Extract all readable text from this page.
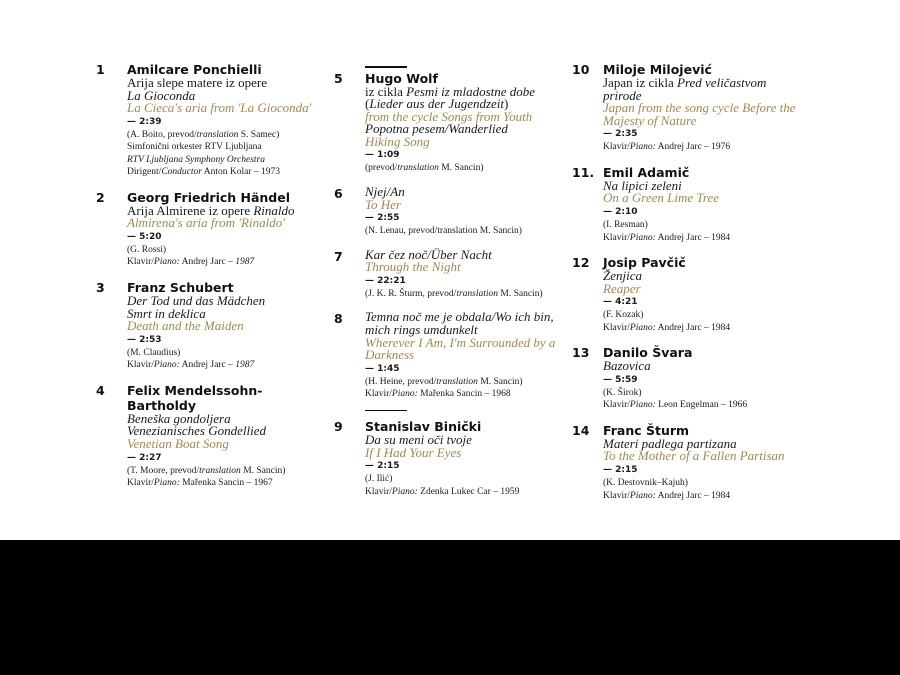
1 Amilcare Ponchielli
Arija slepe matere iz opere
La Gioconda
La Cieca's aria from 'La Gioconda'
— 2:39
(A. Boito, prevod/translation S. Samec)
Simfonični orkester RTV Ljubljana
RTV Ljubljana Symphony Orchestra
Dirigent/Conductor Anton Kolar – 1973
2 Georg Friedrich Händel
Arija Almirene iz opere Rinaldo
Almirena's aria from 'Rinaldo'
— 5:20
(G. Rossi)
Klavir/Piano: Andrej Jarc – 1987
3 Franz Schubert
Der Tod und das Mädchen
Smrt in deklica
Death and the Maiden
— 2:53
(M. Claudius)
Klavir/Piano: Andrej Jarc – 1987
4 Felix Mendelssohn-Bartholdy
Beneška gondoljera
Venezianisches Gondellied
Venetian Boat Song
— 2:27
(T. Moore, prevod/translation M. Sancin)
Klavir/Piano: Mařenka Sancin – 1967
5 Hugo Wolf
iz cikla Pesmi iz mladostne dobe
(Lieder aus der Jugendzeit)
from the cycle Songs from Youth
Popotna pesem/Wanderlied
Hiking Song
— 1:09
(prevod/translation M. Sancin)
6 Njej/An
To Her
— 2:55
(N. Lenau, prevod/translation M. Sancin)
7 Kar čez noč/Über Nacht
Through the Night
— 22:21
(J. K. R. Šturm, prevod/translation M. Sancin)
8 Temna noč me je obdala/Wo ich bin,
mich rings umdunkelt
Wherever I Am, I'm Surrounded by a
Darkness
— 1:45
(H. Heine, prevod/translation M. Sancin)
Klavir/Piano: Mařenka Sancin – 1968
9 Stanislav Binički
Da su meni oči tvoje
If I Had Your Eyes
— 2:15
(J. Ilić)
Klavir/Piano: Zdenka Lukec Car – 1959
10 Miloje Milojević
Japan iz cikla Pred veličastvom prirode
Japan from the song cycle Before the
Majesty of Nature
— 2:35
Klavir/Piano: Andrej Jarc – 1976
11. Emil Adamič
Na lipici zeleni
On a Green Lime Tree
— 2:10
(I. Resman)
Klavir/Piano: Andrej Jarc – 1984
12 Josip Pavčič
Ženjica
Reaper
— 4:21
(F. Kozak)
Klavir/Piano: Andrej Jarc – 1984
13 Danilo Švara
Bazovica
— 5:59
(K. Širok)
Klavir/Piano: Leon Engelman – 1966
14 Franc Šturm
Materi padlega partizana
To the Mother of a Fallen Partisan
— 2:15
(K. Destovnik–Kajuh)
Klavir/Piano: Andrej Jarc – 1984
